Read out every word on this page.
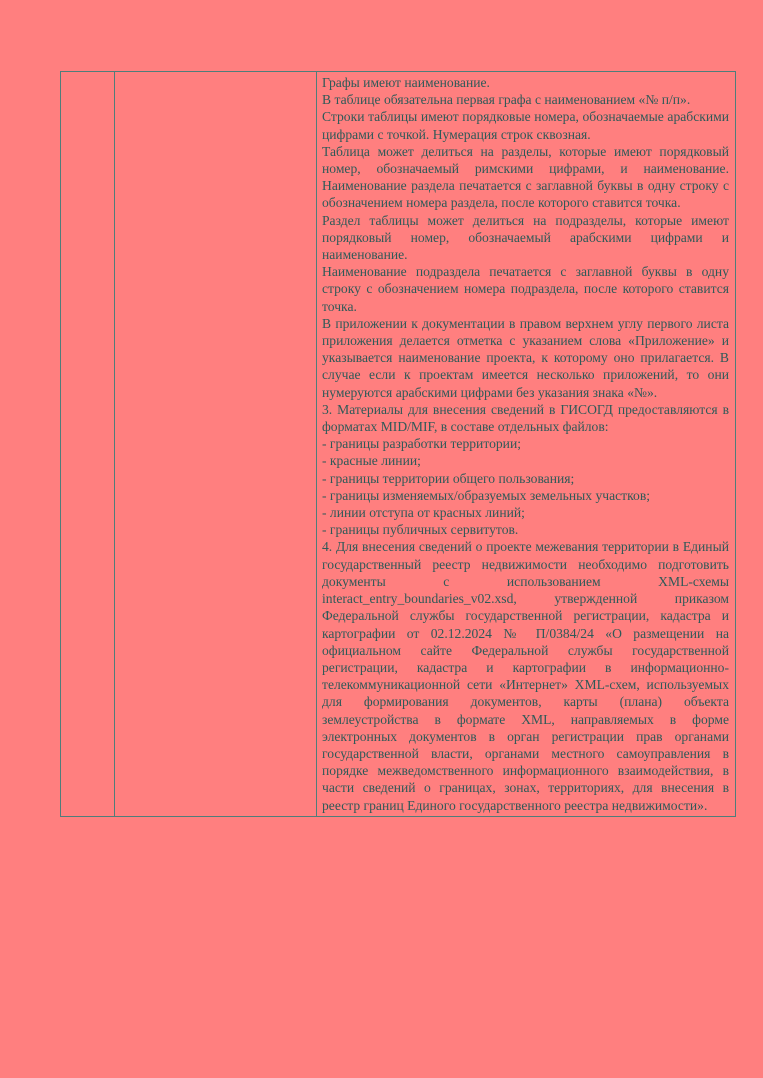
Графы имеют наименование.

В таблице обязательна первая графа с наименованием «№ п/п».

Строки таблицы имеют порядковые номера, обозначаемые арабскими цифрами с точкой. Нумерация строк сквозная.

Таблица может делиться на разделы, которые имеют порядковый номер, обозначаемый римскими цифрами, и наименование. Наименование раздела печатается с заглавной буквы в одну строку с обозначением номера раздела, после которого ставится точка.

Раздел таблицы может делиться на подразделы, которые имеют порядковый номер, обозначаемый арабскими цифрами и наименование.

Наименование подраздела печатается с заглавной буквы в одну строку с обозначением номера подраздела, после которого ставится точка.

В приложении к документации в правом верхнем углу первого листа приложения делается отметка с указанием слова «Приложение» и указывается наименование проекта, к которому оно прилагается. В случае если к проектам имеется несколько приложений, то они нумеруются арабскими цифрами без указания знака «№».

3. Материалы для внесения сведений в ГИСОГД предоставляются в форматах MID/MIF, в составе отдельных файлов:

- границы разработки территории;

- красные линии;

- границы территории общего пользования;

- границы изменяемых/образуемых земельных участков;

- линии отступа от красных линий;

- границы публичных сервитутов.

4. Для внесения сведений о проекте межевания территории в Единый государственный реестр недвижимости необходимо подготовить документы с использованием XML-схемы interact_entry_boundaries_v02.xsd, утвержденной приказом Федеральной службы государственной регистрации, кадастра и картографии от 02.12.2024 № П/0384/24 «О размещении на официальном сайте Федеральной службы государственной регистрации, кадастра и картографии в информационно-телекоммуникационной сети «Интернет» XML-схем, используемых для формирования документов, карты (плана) объекта землеустройства в формате XML, направляемых в форме электронных документов в орган регистрации прав органами государственной власти, органами местного самоуправления в порядке межведомственного информационного взаимодействия, в части сведений о границах, зонах, территориях, для внесения в реестр границ Единого государственного реестра недвижимости».
